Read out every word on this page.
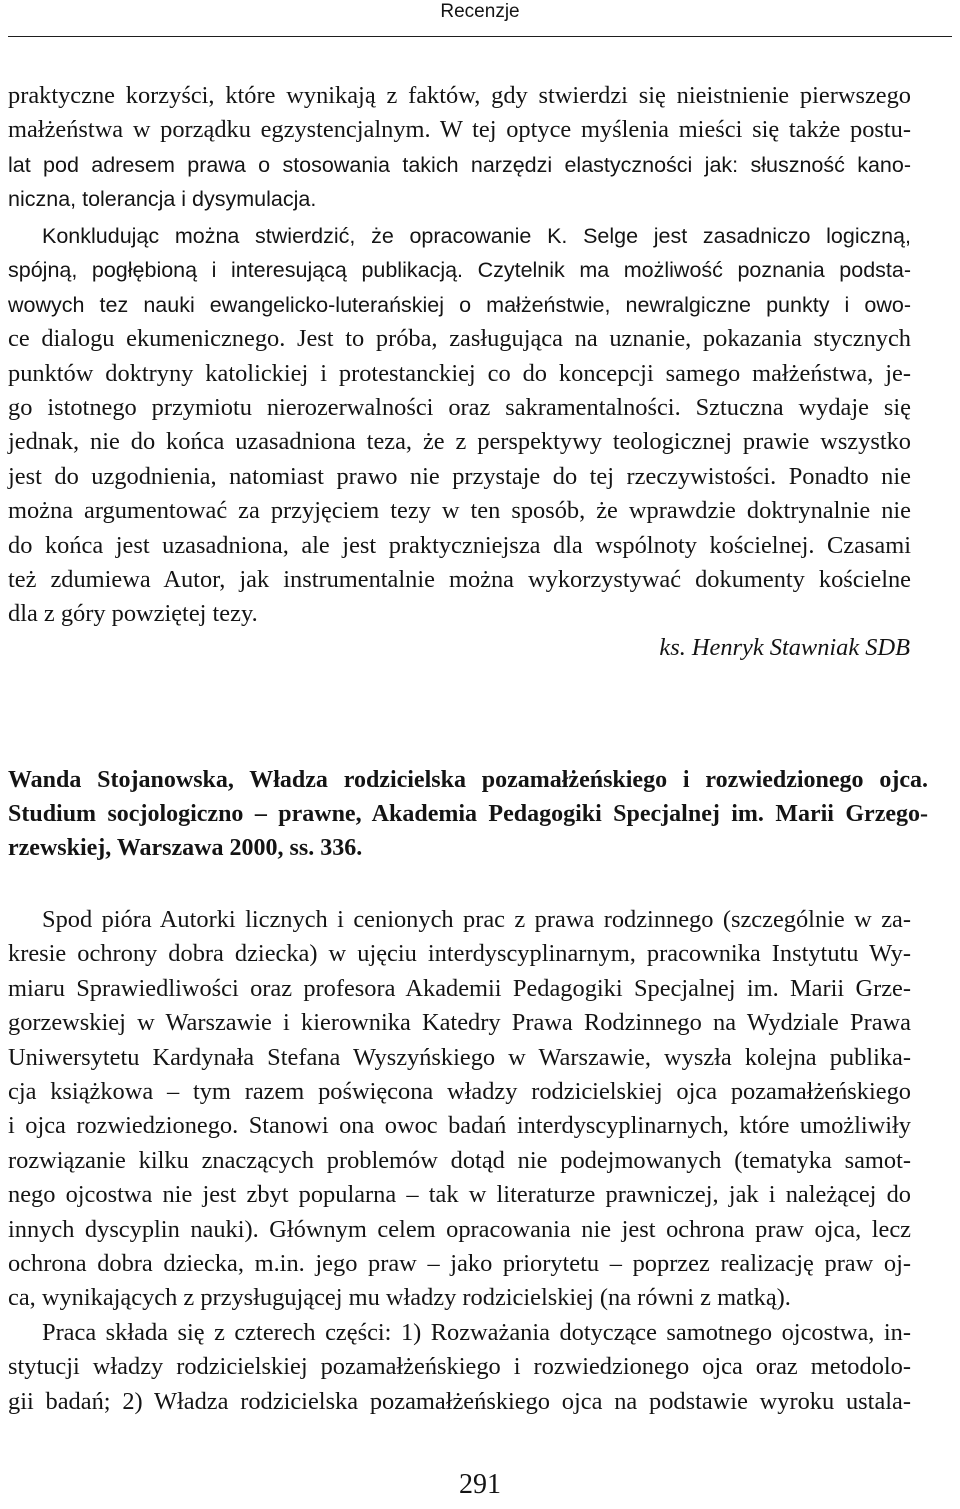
Recenzje
praktyczne korzyści, które wynikają z faktów, gdy stwierdzi się nieistnienie pierwszego
małżeństwa w porządku egzystencjalnym. W tej optyce myślenia mieści się także postu-
lat pod adresem prawa o stosowania takich narzędzi elastyczności jak: słuszność kano-
niczna, tolerancja i dysymulacja.
Konkludując można stwierdzić, że opracowanie K. Selge jest zasadniczo logiczną,
spójną, pogłębioną i interesującą publikacją. Czytelnik ma możliwość poznania podsta-
wowych tez nauki ewangelicko-luterańskiej o małżeństwie, newralgiczne punkty i owo-
ce dialogu ekumenicznego. Jest to próba, zasługująca na uznanie, pokazania stycznych
punktów doktryny katolickiej i protestanckiej co do koncepcji samego małżeństwa, je-
go istotnego przymiotu nierozerwalności oraz sakramentalności. Sztuczna wydaje się
jednak, nie do końca uzasadniona teza, że z perspektywy teologicznej prawie wszystko
jest do uzgodnienia, natomiast prawo nie przystaje do tej rzeczywistości. Ponadto nie
można argumentować za przyjęciem tezy w ten sposób, że wprawdzie doktrynalnie nie
do końca jest uzasadniona, ale jest praktyczniejsza dla wspólnoty kościelnej. Czasami
też zdumiewa Autor, jak instrumentalnie można wykorzystywać dokumenty kościelne
dla z góry powziętej tezy.
ks. Henryk Stawniak SDB
Wanda Stojanowska, Władza rodzicielska pozamałżeńskiego i rozwiedzionego ojca.
Studium socjologiczno – prawne, Akademia Pedagogiki Specjalnej im. Marii Grzego-
rzewskiej, Warszawa 2000, ss. 336.
Spod pióra Autorki licznych i cenionych prac z prawa rodzinnego (szczególnie w za-
kresie ochrony dobra dziecka) w ujęciu interdyscyplinarnym, pracownika Instytutu Wy-
miaru Sprawiedliwości oraz profesora Akademii Pedagogiki Specjalnej im. Marii Grze-
gorzewskiej w Warszawie i kierownika Katedry Prawa Rodzinnego na Wydziale Prawa
Uniwersytetu Kardynała Stefana Wyszyńskiego w Warszawie, wyszła kolejna publika-
cja książkowa – tym razem poświęcona władzy rodzicielskiej ojca pozamałżeńskiego
i ojca rozwiedzionego. Stanowi ona owoc badań interdyscyplinarnych, które umożliwiły
rozwiązanie kilku znaczących problemów dotąd nie podejmowanych (tematyka samot-
nego ojcostwa nie jest zbyt popularna – tak w literaturze prawniczej, jak i należącej do
innych dyscyplin nauki). Głównym celem opracowania nie jest ochrona praw ojca, lecz
ochrona dobra dziecka, m.in. jego praw – jako priorytetu – poprzez realizację praw oj-
ca, wynikających z przysługującej mu władzy rodzicielskiej (na równi z matką).
Praca składa się z czterech części: 1) Rozważania dotyczące samotnego ojcostwa, in-
stytucji władzy rodzicielskiej pozamałżeńskiego i rozwiedzionego ojca oraz metodolo-
gii badań; 2) Władza rodzicielska pozamałżeńskiego ojca na podstawie wyroku ustala-
291
